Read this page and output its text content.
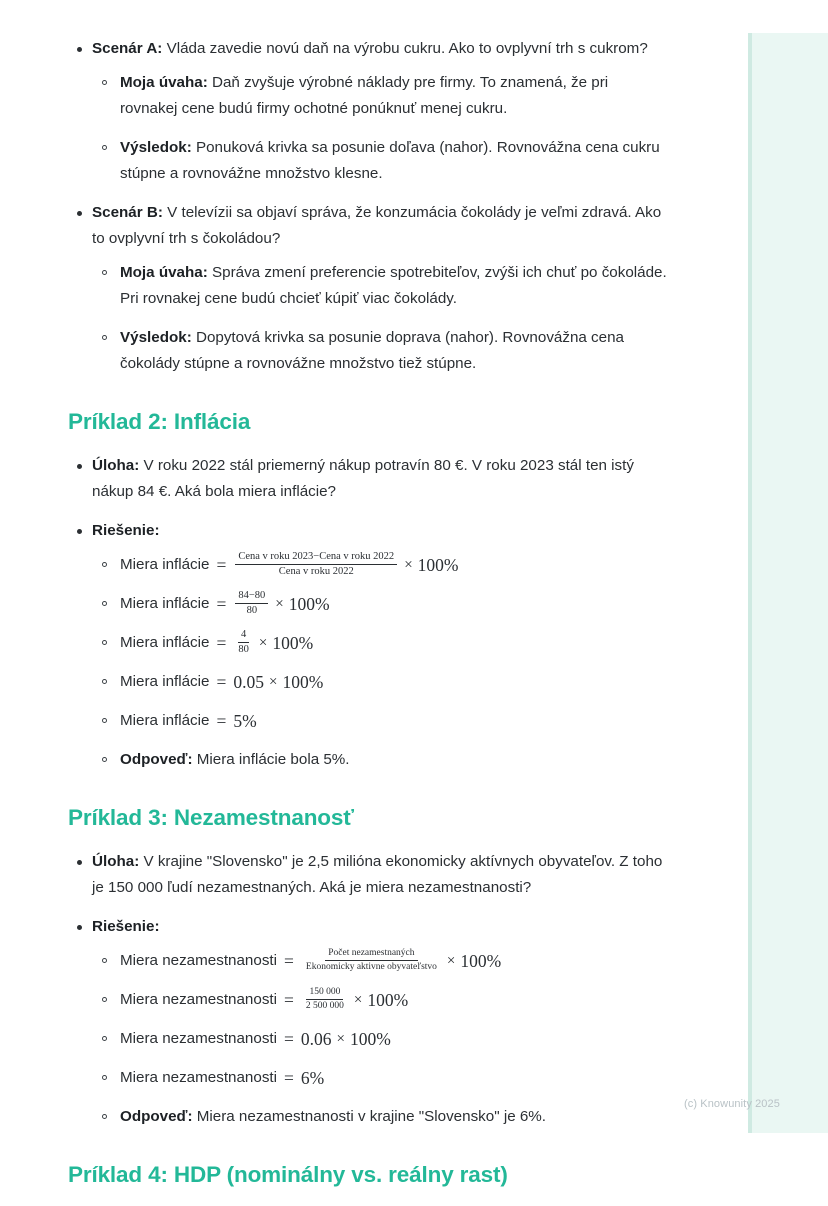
Scenár A: Vláda zavedie novú daň na výrobu cukru. Ako to ovplyvní trh s cukrom?
Moja úvaha: Daň zvyšuje výrobné náklady pre firmy. To znamená, že pri rovnakej cene budú firmy ochotné ponúknuť menej cukru.
Výsledok: Ponuková krivka sa posunie doľava (nahor). Rovnovážna cena cukru stúpne a rovnovážne množstvo klesne.
Scenár B: V televízii sa objaví správa, že konzumácia čokolády je veľmi zdravá. Ako to ovplyvní trh s čokoládou?
Moja úvaha: Správa zmení preferencie spotrebiteľov, zvýši ich chuť po čokoláde. Pri rovnakej cene budú chcieť kúpiť viac čokolády.
Výsledok: Dopytová krivka sa posunie doprava (nahor). Rovnovážna cena čokolády stúpne a rovnovážne množstvo tiež stúpne.
Príklad 2: Inflácia
Úloha: V roku 2022 stál priemerný nákup potravín 80 €. V roku 2023 stál ten istý nákup 84 €. Aká bola miera inflácie?
Riešenie:
Miera inflácie = $\frac{\text{Cena v roku 2023−Cena v roku 2022}}{\text{Cena v roku 2022}} \times 100\%$
Miera inflácie = $\frac{84-80}{80} \times 100\%$
Miera inflácie = $\frac{4}{80} \times 100\%$
Miera inflácie = 0.05 × 100%
Miera inflácie = 5%
Odpoveď: Miera inflácie bola 5%.
Príklad 3: Nezamestnanosť
Úloha: V krajine "Slovensko" je 2,5 milióna ekonomicky aktívnych obyvateľov. Z toho je 150 000 ľudí nezamestnaných. Aká je miera nezamestnanosti?
Riešenie:
Miera nezamestnanosti = $\frac{\text{Počet nezamestnaných}}{\text{Ekonomicky aktivne obyvateľstvo}} \times 100\%$
Miera nezamestnanosti = $\frac{150 000}{2 500 000} \times 100\%$
Miera nezamestnanosti = 0.06 × 100%
Miera nezamestnanosti = 6%
Odpoveď: Miera nezamestnanosti v krajine "Slovensko" je 6%.
Príklad 4: HDP (nominálny vs. reálny rast)
(c) Knowunity 2025
